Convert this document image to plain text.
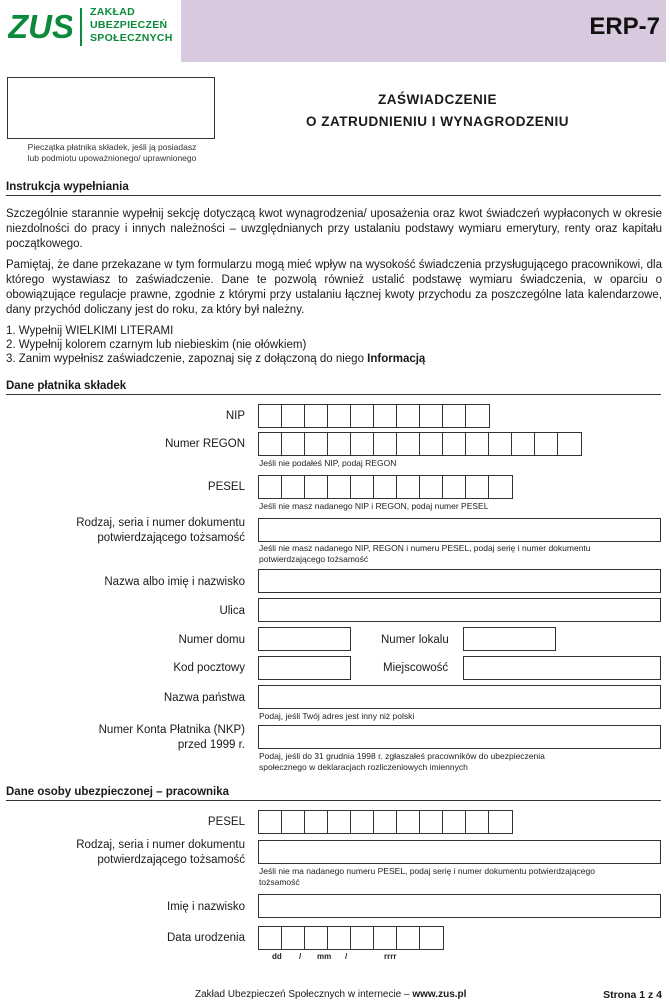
ZUS ZAKŁAD
UBEZPIECZEŃ
SPOŁECZNYCH	ERP-7
Pieczątka płatnika składek, jeśli ją posiadasz
lub podmiotu upoważnionego/ uprawnionego
ZAŚWIADCZENIE
O ZATRUDNIENIU I WYNAGRODZENIU
Instrukcja wypełniania
Szczególnie starannie wypełnij sekcję dotyczącą kwot wynagrodzenia/ uposażenia oraz kwot świadczeń wypłaconych w okresie niezdolności do pracy i innych należności – uwzględnianych przy ustalaniu podstawy wymiaru emerytury, renty oraz kapitału początkowego.
Pamiętaj, że dane przekazane w tym formularzu mogą mieć wpływ na wysokość świadczenia przysługującego pracownikowi, dla którego wystawiasz to zaświadczenie. Dane te pozwolą również ustalić podstawę wymiaru świadczenia, w oparciu o obowiązujące regulacje prawne, zgodnie z którymi przy ustalaniu łącznej kwoty przychodu za poszczególne lata kalendarzowe, dany przychód doliczany jest do roku, za który był należny.
1. Wypełnij WIELKIMI LITERAMI
2. Wypełnij kolorem czarnym lub niebieskim (nie ołówkiem)
3. Zanim wypełnisz zaświadczenie, zapoznaj się z dołączoną do niego Informacją
Dane płatnika składek
NIP
Numer REGON
Jeśli nie podałeś NIP, podaj REGON
PESEL
Jeśli nie masz nadanego NIP i REGON, podaj numer PESEL
Rodzaj, seria i numer dokumentu
potwierdzającego tożsamość
Jeśli nie masz nadanego NIP, REGON i numeru PESEL, podaj serię i numer dokumentu
potwierdzającego tożsamość
Nazwa albo imię i nazwisko
Ulica
Numer domu	Numer lokalu
Kod pocztowy	Miejscowość
Nazwa państwa
Podaj, jeśli Twój adres jest inny niż polski
Numer Konta Płatnika (NKP)
przed 1999 r.
Podaj, jeśli do 31 grudnia 1998 r. zgłaszałeś pracowników do ubezpieczenia
społecznego w deklaracjach rozliczeniowych imiennych
Dane osoby ubezpieczonej – pracownika
PESEL
Rodzaj, seria i numer dokumentu
potwierdzającego tożsamość
Jeśli nie ma nadanego numeru PESEL, podaj serię i numer dokumentu potwierdzającego
tożsamość
Imię i nazwisko
Data urodzenia
dd / mm /	rrrr
Zakład Ubezpieczeń Społecznych w internecie – www.zus.pl	Strona 1 z 4
